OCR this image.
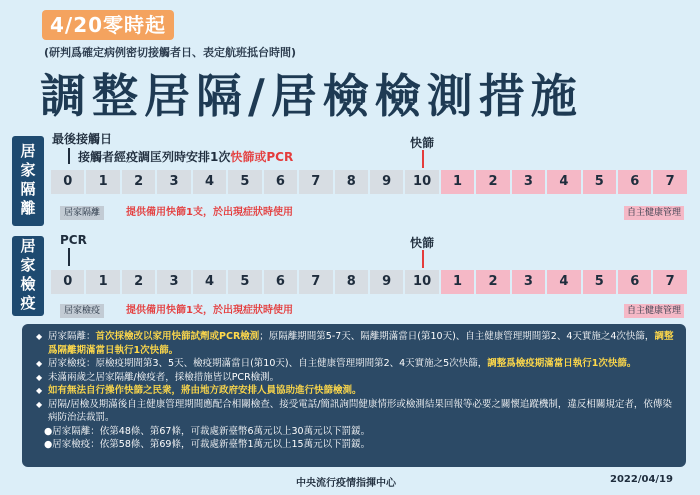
4/20零時起
(研判爲確定病例密切接觸者日、表定航班抵台時間)
調整居隔/居檢檢測措施
居家隔離
最後接觸日
接觸者經疫調匡列時安排1次快篩或PCR
快篩
0	1	2	3	4	5	6	7	8	9	10	1	2	3	4	5	6	7
居家隔離	提供備用快篩1支，於出現症狀時使用	自主健康管理
居家檢疫	PCR	快篩
0	1	2	3	4	5	6	7	8	9	10	1	2	3	4	5	6	7
居家檢疫	提供備用快篩1支，於出現症狀時使用	自主健康管理
◆ 居家隔離：首次採檢改以家用快篩試劑或PCR檢測；原隔離期間第5-7天、隔離期滿當日(第10天)、自主健康管理期間第2、4天實施之4次快篩，調整爲隔離期滿當日執行1次快篩。
◆ 居家檢疫：原檢疫期間第3、5天、檢疫期滿當日(第10天)、自主健康管理期間第2、4天實施之5次快篩，調整爲檢疫期滿當日執行1次快篩。
◆ 未滿兩歲之居家隔離/檢疫者，採檢措施皆以PCR檢測。
◆ 如有無法自行操作快篩之民衆，將由地方政府安排人員協助進行快篩檢測。
◆ 居隔/居檢及期滿後自主健康管理期間應配合相關檢查、接受電話/簡訊詢問健康情形或檢測結果回報等必要之關懷追蹤機制，違反相關規定者，依傳染病防治法裁罰。
●居家隔離：依第48條、第67條，可裁處新臺幣6萬元以上30萬元以下罰鍰。
●居家檢疫：依第58條、第69條，可裁處新臺幣1萬元以上15萬元以下罰鍰。
中央流行疫情指揮中心	2022/04/19
